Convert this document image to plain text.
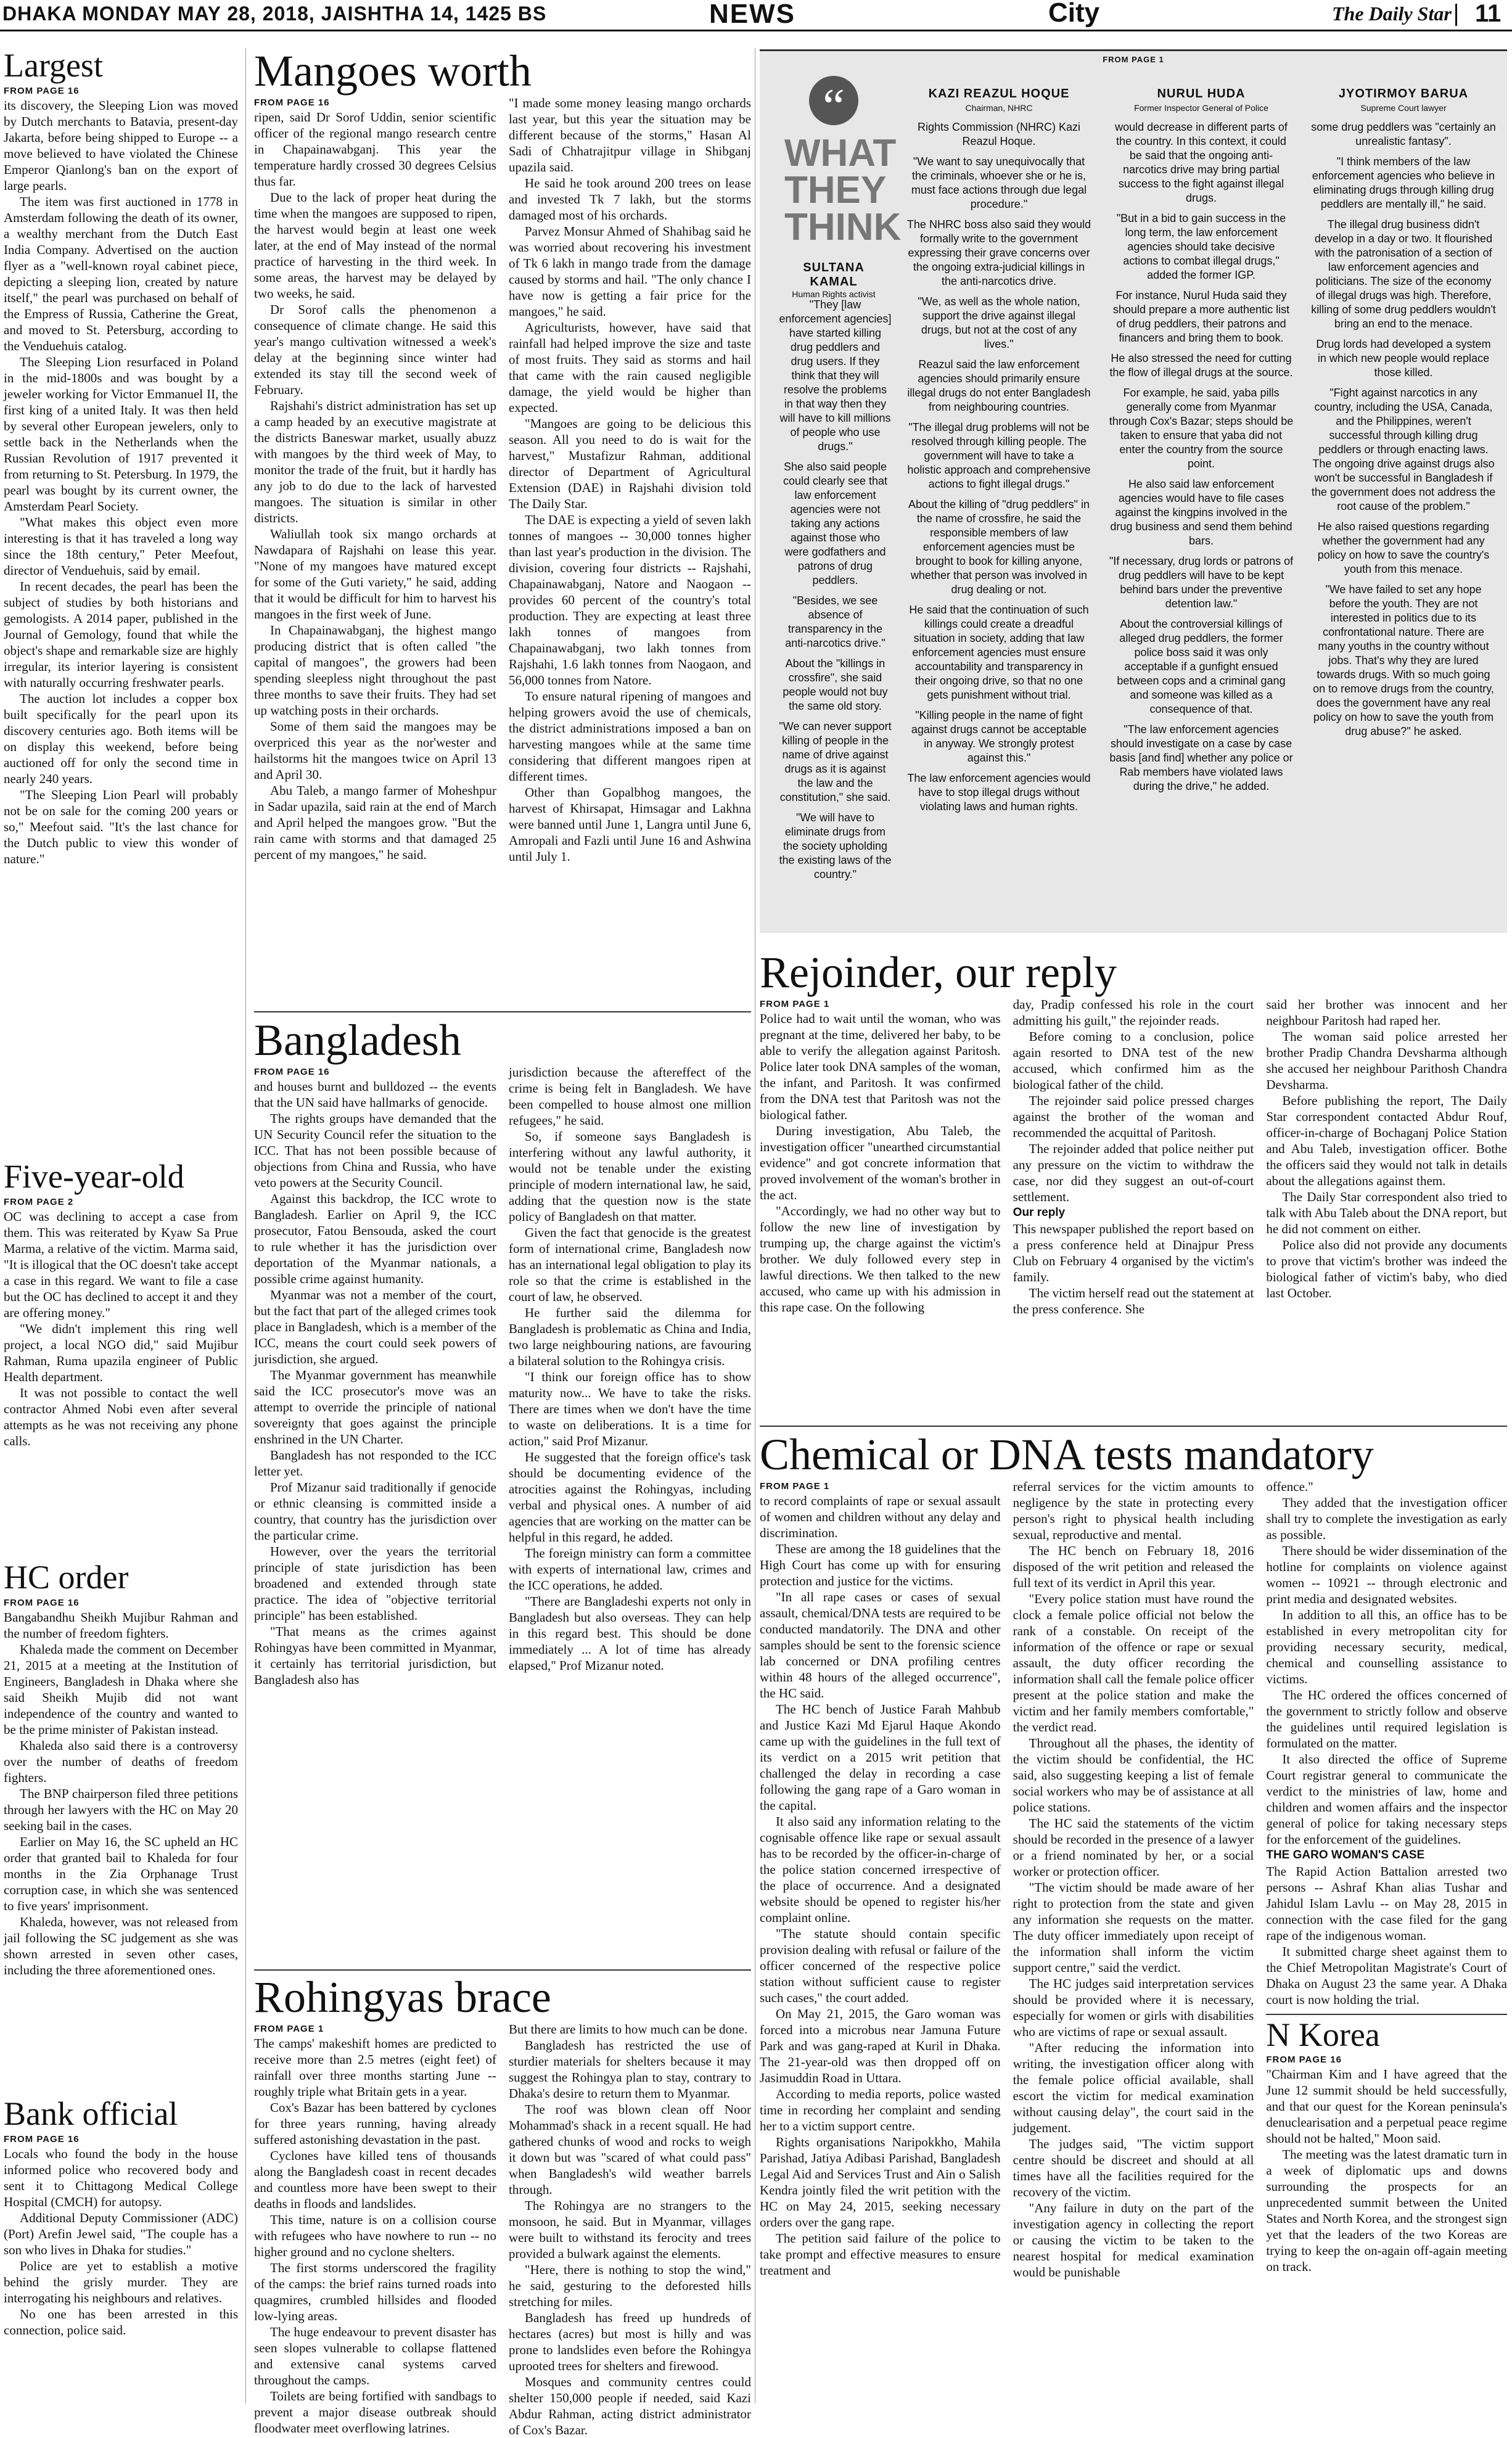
DHAKA MONDAY MAY 28, 2018, JAISHTHA 14, 1425 BS	NEWS	City	The Daily Star 11
Largest
FROM PAGE 16

its discovery, the Sleeping Lion was moved by Dutch merchants to Batavia, present-day Jakarta, before being shipped to Europe -- a move believed to have violated the Chinese Emperor Qianlong's ban on the export of large pearls.

The item was first auctioned in 1778 in Amsterdam following the death of its owner, a wealthy merchant from the Dutch East India Company. Advertised on the auction flyer as a "well-known royal cabinet piece, depicting a sleeping lion, created by nature itself," the pearl was purchased on behalf of the Empress of Russia, Catherine the Great, and moved to St. Petersburg, according to the Venduehuis catalog.

The Sleeping Lion resurfaced in Poland in the mid-1800s and was bought by a jeweler working for Victor Emmanuel II, the first king of a united Italy. It was then held by several other European jewelers, only to settle back in the Netherlands when the Russian Revolution of 1917 prevented it from returning to St. Petersburg. In 1979, the pearl was bought by its current owner, the Amsterdam Pearl Society.

"What makes this object even more interesting is that it has traveled a long way since the 18th century," Peter Meefout, director of Venduehuis, said by email.

In recent decades, the pearl has been the subject of studies by both historians and gemologists. A 2014 paper, published in the Journal of Gemology, found that while the object's shape and remarkable size are highly irregular, its interior layering is consistent with naturally occurring freshwater pearls.

The auction lot includes a copper box built specifically for the pearl upon its discovery centuries ago. Both items will be on display this weekend, before being auctioned off for only the second time in nearly 240 years.

"The Sleeping Lion Pearl will probably not be on sale for the coming 200 years or so," Meefout said. "It's the last chance for the Dutch public to view this wonder of nature."

Five-year-old
FROM PAGE 2

OC was declining to accept a case from them. This was reiterated by Kyaw Sa Prue Marma, a relative of the victim. Marma said, "It is illogical that the OC doesn't take accept a case in this regard. We want to file a case but the OC has declined to accept it and they are offering money."

"We didn't implement this ring well project, a local NGO did," said Mujibur Rahman, Ruma upazila engineer of Public Health department.

It was not possible to contact the well contractor Ahmed Nobi even after several attempts as he was not receiving any phone calls.

HC order
FROM PAGE 16

Bangabandhu Sheikh Mujibur Rahman and the number of freedom fighters.

Khaleda made the comment on December 21, 2015 at a meeting at the Institution of Engineers, Bangladesh in Dhaka where she said Sheikh Mujib did not want independence of the country and wanted to be the prime minister of Pakistan instead.

Khaleda also said there is a controversy over the number of deaths of freedom fighters.

The BNP chairperson filed three petitions through her lawyers with the HC on May 20 seeking bail in the cases.

Earlier on May 16, the SC upheld an HC order that granted bail to Khaleda for four months in the Zia Orphanage Trust corruption case, in which she was sentenced to five years' imprisonment.

Khaleda, however, was not released from jail following the SC judgement as she was shown arrested in seven other cases, including the three aforementioned ones.

Bank official
FROM PAGE 16

Locals who found the body in the house informed police who recovered body and sent it to Chittagong Medical College Hospital (CMCH) for autopsy.

Additional Deputy Commissioner (ADC) (Port) Arefin Jewel said, "The couple has a son who lives in Dhaka for studies."

Police are yet to establish a motive behind the grisly murder. They are interrogating his neighbours and relatives.

No one has been arrested in this connection, police said.

Mangoes worth
FROM PAGE 16

ripen, said Dr Sorof Uddin, senior scientific officer of the regional mango research centre in Chapainawabganj. This year the temperature hardly crossed 30 degrees Celsius thus far.

Due to the lack of proper heat during the time when the mangoes are supposed to ripen, the harvest would begin at least one week later, at the end of May instead of the normal practice of harvesting in the third week. In some areas, the harvest may be delayed by two weeks, he said.

Dr Sorof calls the phenomenon a consequence of climate change. He said this year's mango cultivation witnessed a week's delay at the beginning since winter had extended its stay till the second week of February.

Rajshahi's district administration has set up a camp headed by an executive magistrate at the districts Baneswar market, usually abuzz with mangoes by the third week of May, to monitor the trade of the fruit, but it hardly has any job to do due to the lack of harvested mangoes. The situation is similar in other districts.

Waliullah took six mango orchards at Nawdapara of Rajshahi on lease this year. "None of my mangoes have matured except for some of the Guti variety," he said, adding that it would be difficult for him to harvest his mangoes in the first week of June.

In Chapainawabganj, the highest mango producing district that is often called "the capital of mangoes", the growers had been spending sleepless night throughout the past three months to save their fruits. They had set up watching posts in their orchards.

Some of them said the mangoes may be overpriced this year as the nor'wester and hailstorms hit the mangoes twice on April 13 and April 30.

Abu Taleb, a mango farmer of Moheshpur in Sadar upazila, said rain at the end of March and April helped the mangoes grow. "But the rain came with storms and that damaged 25 percent of my mangoes," he said.

"I made some money leasing mango orchards last year, but this year the situation may be different because of the storms," Hasan Al Sadi of Chhatrajitpur village in Shibganj upazila said.

He said he took around 200 trees on lease and invested Tk 7 lakh, but the storms damaged most of his orchards.

Parvez Monsur Ahmed of Shahibag said he was worried about recovering his investment of Tk 6 lakh in mango trade from the damage caused by storms and hail. "The only chance I have now is getting a fair price for the mangoes," he said.

Agriculturists, however, have said that rainfall had helped improve the size and taste of most fruits. They said as storms and hail that came with the rain caused negligible damage, the yield would be higher than expected.

"Mangoes are going to be delicious this season. All you need to do is wait for the harvest," Mustafizur Rahman, additional director of Department of Agricultural Extension (DAE) in Rajshahi division told The Daily Star.

The DAE is expecting a yield of seven lakh tonnes of mangoes -- 30,000 tonnes higher than last year's production in the division. The division, covering four districts -- Rajshahi, Chapainawabganj, Natore and Naogaon -- provides 60 percent of the country's total production. They are expecting at least three lakh tonnes of mangoes from Chapainawabganj, two lakh tonnes from Rajshahi, 1.6 lakh tonnes from Naogaon, and 56,000 tonnes from Natore.

To ensure natural ripening of mangoes and helping growers avoid the use of chemicals, the district administrations imposed a ban on harvesting mangoes while at the same time considering that different mangoes ripen at different times.

Other than Gopalbhog mangoes, the harvest of Khirsapat, Himsagar and Lakhna were banned until June 1, Langra until June 6, Amropali and Fazli until June 16 and Ashwina until July 1.

Bangladesh
FROM PAGE 16

and houses burnt and bulldozed -- the events that the UN said have hallmarks of genocide.

The rights groups have demanded that the UN Security Council refer the situation to the ICC. That has not been possible because of objections from China and Russia, who have veto powers at the Security Council.

Against this backdrop, the ICC wrote to Bangladesh. Earlier on April 9, the ICC prosecutor, Fatou Bensouda, asked the court to rule whether it has the jurisdiction over deportation of the Myanmar nationals, a possible crime against humanity.

Myanmar was not a member of the court, but the fact that part of the alleged crimes took place in Bangladesh, which is a member of the ICC, means the court could seek powers of jurisdiction, she argued.

The Myanmar government has meanwhile said the ICC prosecutor's move was an attempt to override the principle of national sovereignty that goes against the principle enshrined in the UN Charter.

Bangladesh has not responded to the ICC letter yet.

Prof Mizanur said traditionally if genocide or ethnic cleansing is committed inside a country, that country has the jurisdiction over the particular crime.

However, over the years the territorial principle of state jurisdiction has been broadened and extended through state practice. The idea of "objective territorial principle" has been established.

"That means as the crimes against Rohingyas have been committed in Myanmar, it certainly has territorial jurisdiction, but Bangladesh also has

jurisdiction because the aftereffect of the crime is being felt in Bangladesh. We have been compelled to house almost one million refugees," he said.

So, if someone says Bangladesh is interfering without any lawful authority, it would not be tenable under the existing principle of modern international law, he said, adding that the question now is the state policy of Bangladesh on that matter.

Given the fact that genocide is the greatest form of international crime, Bangladesh now has an international legal obligation to play its role so that the crime is established in the court of law, he observed.

He further said the dilemma for Bangladesh is problematic as China and India, two large neighbouring nations, are favouring a bilateral solution to the Rohingya crisis.

"I think our foreign office has to show maturity now... We have to take the risks. There are times when we don't have the time to waste on deliberations. It is a time for action," said Prof Mizanur.

He suggested that the foreign office's task should be documenting evidence of the atrocities against the Rohingyas, including verbal and physical ones. A number of aid agencies that are working on the matter can be helpful in this regard, he added.

The foreign ministry can form a committee with experts of international law, crimes and the ICC operations, he added.

"There are Bangladeshi experts not only in Bangladesh but also overseas. They can help in this regard best. This should be done immediately ... A lot of time has already elapsed," Prof Mizanur noted.

Rohingyas brace
FROM PAGE 1

The camps' makeshift homes are predicted to receive more than 2.5 metres (eight feet) of rainfall over three months starting June -- roughly triple what Britain gets in a year.

Cox's Bazar has been battered by cyclones for three years running, having already suffered astonishing devastation in the past.

Cyclones have killed tens of thousands along the Bangladesh coast in recent decades and countless more have been swept to their deaths in floods and landslides.

This time, nature is on a collision course with refugees who have nowhere to run -- no higher ground and no cyclone shelters.

The first storms underscored the fragility of the camps: the brief rains turned roads into quagmires, crumbled hillsides and flooded low-lying areas.

The huge endeavour to prevent disaster has seen slopes vulnerable to collapse flattened and extensive canal systems carved throughout the camps.

Toilets are being fortified with sandbags to prevent a major disease outbreak should floodwater meet overflowing latrines.

But there are limits to how much can be done.

Bangladesh has restricted the use of sturdier materials for shelters because it may suggest the Rohingya plan to stay, contrary to Dhaka's desire to return them to Myanmar.

The roof was blown clean off Noor Mohammad's shack in a recent squall. He had gathered chunks of wood and rocks to weigh it down but was "scared of what could pass" when Bangladesh's wild weather barrels through.

The Rohingya are no strangers to the monsoon, he said. But in Myanmar, villages were built to withstand its ferocity and trees provided a bulwark against the elements.

"Here, there is nothing to stop the wind," he said, gesturing to the deforested hills stretching for miles.

Bangladesh has freed up hundreds of hectares (acres) but most is hilly and was prone to landslides even before the Rohingya uprooted trees for shelters and firewood.

Mosques and community centres could shelter 150,000 people if needed, said Kazi Abdur Rahman, acting district administrator of Cox's Bazar.

FROM PAGE 1
“
WHAT THEY THINK
SULTANA KAMAL
Human Rights activist

"They [law enforcement agencies] have started killing drug peddlers and drug users. If they think that they will resolve the problems in that way then they will have to kill millions of people who use drugs."

She also said people could clearly see that law enforcement agencies were not taking any actions against those who were godfathers and patrons of drug peddlers.

"Besides, we see absence of transparency in the anti-narcotics drive."

About the "killings in crossfire", she said people would not buy the same old story.

"We can never support killing of people in the name of drive against drugs as it is against the law and the constitution," she said.

"We will have to eliminate drugs from the society upholding the existing laws of the country."

KAZI REAZUL HOQUE
Chairman, NHRC

Rights Commission (NHRC) Kazi Reazul Hoque.

"We want to say unequivocally that the criminals, whoever she or he is, must face actions through due legal procedure."

The NHRC boss also said they would formally write to the government expressing their grave concerns over the ongoing extra-judicial killings in the anti-narcotics drive.

"We, as well as the whole nation, support the drive against illegal drugs, but not at the cost of any lives."

Reazul said the law enforcement agencies should primarily ensure illegal drugs do not enter Bangladesh from neighbouring countries.

"The illegal drug problems will not be resolved through killing people. The government will have to take a holistic approach and comprehensive actions to fight illegal drugs."

About the killing of "drug peddlers" in the name of crossfire, he said the responsible members of law enforcement agencies must be brought to book for killing anyone, whether that person was involved in drug dealing or not.

He said that the continuation of such killings could create a dreadful situation in society, adding that law enforcement agencies must ensure accountability and transparency in their ongoing drive, so that no one gets punishment without trial.

"Killing people in the name of fight against drugs cannot be acceptable in anyway. We strongly protest against this."

The law enforcement agencies would have to stop illegal drugs without violating laws and human rights.

NURUL HUDA
Former Inspector General of Police

would decrease in different parts of the country. In this context, it could be said that the ongoing anti-narcotics drive may bring partial success to the fight against illegal drugs.

"But in a bid to gain success in the long term, the law enforcement agencies should take decisive actions to combat illegal drugs," added the former IGP.

For instance, Nurul Huda said they should prepare a more authentic list of drug peddlers, their patrons and financers and bring them to book.

He also stressed the need for cutting the flow of illegal drugs at the source.

For example, he said, yaba pills generally come from Myanmar through Cox's Bazar; steps should be taken to ensure that yaba did not enter the country from the source point.

He also said law enforcement agencies would have to file cases against the kingpins involved in the drug business and send them behind bars.

"If necessary, drug lords or patrons of drug peddlers will have to be kept behind bars under the preventive detention law."

About the controversial killings of alleged drug peddlers, the former police boss said it was only acceptable if a gunfight ensued between cops and a criminal gang and someone was killed as a consequence of that.

"The law enforcement agencies should investigate on a case by case basis [and find] whether any police or Rab members have violated laws during the drive," he added.

JYOTIRMOY BARUA
Supreme Court lawyer

some drug peddlers was "certainly an unrealistic fantasy".

"I think members of the law enforcement agencies who believe in eliminating drugs through killing drug peddlers are mentally ill," he said.

The illegal drug business didn't develop in a day or two. It flourished with the patronisation of a section of law enforcement agencies and politicians. The size of the economy of illegal drugs was high. Therefore, killing of some drug peddlers wouldn't bring an end to the menace.

Drug lords had developed a system in which new people would replace those killed.

"Fight against narcotics in any country, including the USA, Canada, and the Philippines, weren't successful through killing drug peddlers or through enacting laws. The ongoing drive against drugs also won't be successful in Bangladesh if the government does not address the root cause of the problem."

He also raised questions regarding whether the government had any policy on how to save the country's youth from this menace.

"We have failed to set any hope before the youth. They are not interested in politics due to its confrontational nature. There are many youths in the country without jobs. That's why they are lured towards drugs. With so much going on to remove drugs from the country, does the government have any real policy on how to save the youth from drug abuse?" he asked.

Rejoinder, our reply
FROM PAGE 1

Police had to wait until the woman, who was pregnant at the time, delivered her baby, to be able to verify the allegation against Paritosh. Police later took DNA samples of the woman, the infant, and Paritosh. It was confirmed from the DNA test that Paritosh was not the biological father.

During investigation, Abu Taleb, the investigation officer "unearthed circumstantial evidence" and got concrete information that proved involvement of the woman's brother in the act.

"Accordingly, we had no other way but to follow the new line of investigation by trumping up, the charge against the victim's brother. We duly followed every step in lawful directions. We then talked to the new accused, who came up with his admission in this rape case. On the following

day, Pradip confessed his role in the court admitting his guilt," the rejoinder reads.

Before coming to a conclusion, police again resorted to DNA test of the new accused, which confirmed him as the biological father of the child.

The rejoinder said police pressed charges against the brother of the woman and recommended the acquittal of Paritosh.

The rejoinder added that police neither put any pressure on the victim to withdraw the case, nor did they suggest an out-of-court settlement.

Our reply

This newspaper published the report based on a press conference held at Dinajpur Press Club on February 4 organised by the victim's family.

The victim herself read out the statement at the press conference. She

said her brother was innocent and her neighbour Paritosh had raped her.

The woman said police arrested her brother Pradip Chandra Devsharma although she accused her neighbour Parithosh Chandra Devsharma.

Before publishing the report, The Daily Star correspondent contacted Abdur Rouf, officer-in-charge of Bochaganj Police Station and Abu Taleb, investigation officer. Bothe the officers said they would not talk in details about the allegations against them.

The Daily Star correspondent also tried to talk with Abu Taleb about the DNA report, but he did not comment on either.

Police also did not provide any documents to prove that victim's brother was indeed the biological father of victim's baby, who died last October.

Chemical or DNA tests mandatory
FROM PAGE 1

to record complaints of rape or sexual assault of women and children without any delay and discrimination.

These are among the 18 guidelines that the High Court has come up with for ensuring protection and justice for the victims.

"In all rape cases or cases of sexual assault, chemical/DNA tests are required to be conducted mandatorily. The DNA and other samples should be sent to the forensic science lab concerned or DNA profiling centres within 48 hours of the alleged occurrence", the HC said.

The HC bench of Justice Farah Mahbub and Justice Kazi Md Ejarul Haque Akondo came up with the guidelines in the full text of its verdict on a 2015 writ petition that challenged the delay in recording a case following the gang rape of a Garo woman in the capital.

It also said any information relating to the cognisable offence like rape or sexual assault has to be recorded by the officer-in-charge of the police station concerned irrespective of the place of occurrence. And a designated website should be opened to register his/her complaint online.

"The statute should contain specific provision dealing with refusal or failure of the officer concerned of the respective police station without sufficient cause to register such cases," the court added.

On May 21, 2015, the Garo woman was forced into a microbus near Jamuna Future Park and was gang-raped at Kuril in Dhaka. The 21-year-old was then dropped off on Jasimuddin Road in Uttara.

According to media reports, police wasted time in recording her complaint and sending her to a victim support centre.

Rights organisations Naripokkho, Mahila Parishad, Jatiya Adibasi Parishad, Bangladesh Legal Aid and Services Trust and Ain o Salish Kendra jointly filed the writ petition with the HC on May 24, 2015, seeking necessary orders over the gang rape.

The petition said failure of the police to take prompt and effective measures to ensure treatment and

referral services for the victim amounts to negligence by the state in protecting every person's right to physical health including sexual, reproductive and mental.

The HC bench on February 18, 2016 disposed of the writ petition and released the full text of its verdict in April this year.

"Every police station must have round the clock a female police official not below the rank of a constable. On receipt of the information of the offence or rape or sexual assault, the duty officer recording the information shall call the female police officer present at the police station and make the victim and her family members comfortable," the verdict read.

Throughout all the phases, the identity of the victim should be confidential, the HC said, also suggesting keeping a list of female social workers who may be of assistance at all police stations.

The HC said the statements of the victim should be recorded in the presence of a lawyer or a friend nominated by her, or a social worker or protection officer.

"The victim should be made aware of her right to protection from the state and given any information she requests on the matter. The duty officer immediately upon receipt of the information shall inform the victim support centre," said the verdict.

The HC judges said interpretation services should be provided where it is necessary, especially for women or girls with disabilities who are victims of rape or sexual assault.

"After reducing the information into writing, the investigation officer along with the female police official available, shall escort the victim for medical examination without causing delay", the court said in the judgement.

The judges said, "The victim support centre should be discreet and should at all times have all the facilities required for the recovery of the victim.

"Any failure in duty on the part of the investigation agency in collecting the report or causing the victim to be taken to the nearest hospital for medical examination would be punishable

offence."

They added that the investigation officer shall try to complete the investigation as early as possible.

There should be wider dissemination of the hotline for complaints on violence against women -- 10921 -- through electronic and print media and designated websites.

In addition to all this, an office has to be established in every metropolitan city for providing necessary security, medical, chemical and counselling assistance to victims.

The HC ordered the offices concerned of the government to strictly follow and observe the guidelines until required legislation is formulated on the matter.

It also directed the office of Supreme Court registrar general to communicate the verdict to the ministries of law, home and children and women affairs and the inspector general of police for taking necessary steps for the enforcement of the guidelines.

THE GARO WOMAN'S CASE

The Rapid Action Battalion arrested two persons -- Ashraf Khan alias Tushar and Jahidul Islam Lavlu -- on May 28, 2015 in connection with the case filed for the gang rape of the indigenous woman.

It submitted charge sheet against them to the Chief Metropolitan Magistrate's Court of Dhaka on August 23 the same year. A Dhaka court is now holding the trial.

N Korea
FROM PAGE 16

"Chairman Kim and I have agreed that the June 12 summit should be held successfully, and that our quest for the Korean peninsula's denuclearisation and a perpetual peace regime should not be halted," Moon said.

The meeting was the latest dramatic turn in a week of diplomatic ups and downs surrounding the prospects for an unprecedented summit between the United States and North Korea, and the strongest sign yet that the leaders of the two Koreas are trying to keep the on-again off-again meeting on track.
